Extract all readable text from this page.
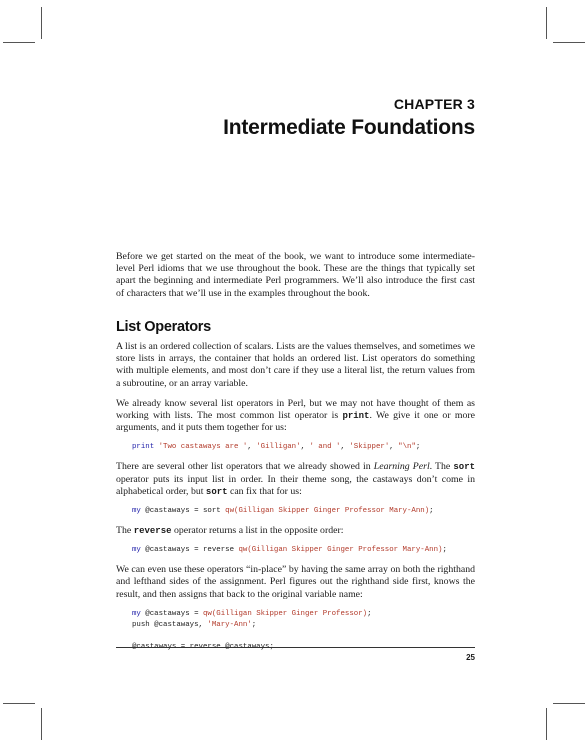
CHAPTER 3
Intermediate Foundations

Before we get started on the meat of the book, we want to introduce some intermediate-level Perl idioms that we use throughout the book. These are the things that typically set apart the beginning and intermediate Perl programmers. We’ll also introduce the first cast of characters that we’ll use in the examples throughout the book.

List Operators

A list is an ordered collection of scalars. Lists are the values themselves, and sometimes we store lists in arrays, the container that holds an ordered list. List operators do something with multiple elements, and most don’t care if they use a literal list, the return values from a subroutine, or an array variable.

We already know several list operators in Perl, but we may not have thought of them as working with lists. The most common list operator is print. We give it one or more arguments, and it puts them together for us:

print 'Two castaways are ', 'Gilligan', ' and ', 'Skipper', "\n";

There are several other list operators that we already showed in Learning Perl. The sort operator puts its input list in order. In their theme song, the castaways don’t come in alphabetical order, but sort can fix that for us:

my @castaways = sort qw(Gilligan Skipper Ginger Professor Mary-Ann);

The reverse operator returns a list in the opposite order:

my @castaways = reverse qw(Gilligan Skipper Ginger Professor Mary-Ann);

We can even use these operators “in-place” by having the same array on both the righthand and lefthand sides of the assignment. Perl figures out the righthand side first, knows the result, and then assigns that back to the original variable name:

my @castaways = qw(Gilligan Skipper Ginger Professor);
push @castaways, 'Mary-Ann';

25
